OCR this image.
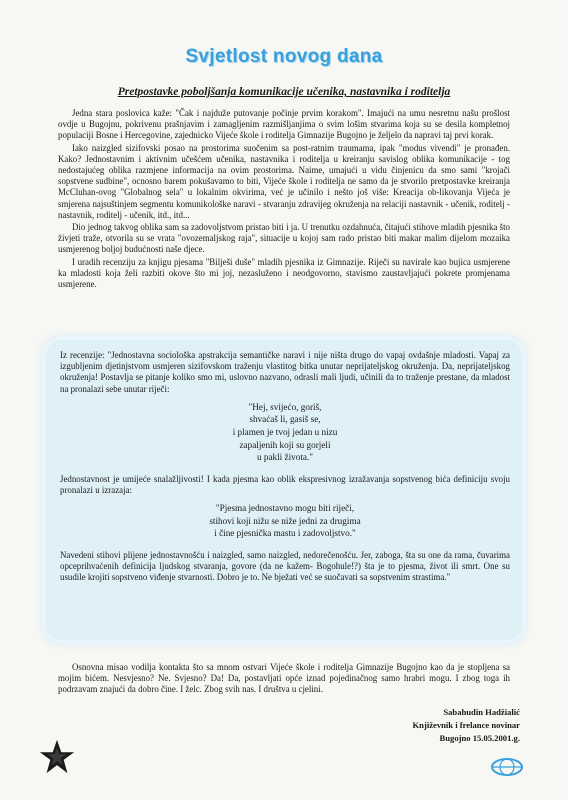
Svjetlost novog dana
Pretpostavke poboljšanja komunikacije učenika, nastavnika i roditelja

Jedna stara poslovica kaže: "Čak i najduže putovanje počinje prvim korakom". Imajući na umu nesretnu našu prošlost ovdje u Bugojnu, pokrivenu prašnjavim i zamagljenim razmišljanjima o svim lošim stvarima koja su se desila kompletnoj populaciji Bosne i Hercegovine, zajednicko Vijeće škole i roditelja Gimnazije Bugojno je željelo da napravi taj prvi korak.

Iako naizgled sizifovski posao na prostorima suočenim sa post-ratnim traumama, ipak "modus vivendi" je pronađen. Kako? Jednostavnim i aktivnim učešćem učenika, nastavnika i roditelja u kreiranju savislog oblika komunikacije - tog nedostajućeg oblika razmjene informacija na ovim prostorima. Naime, umajući u vidu činjenicu da smo sami "krojači sopstvene sudbine", ocnosno barem pokušavamo to biti, Vijeće škole i roditelja ne samo da je stvorilo pretpostavke kreiranja McCluhan-ovog "Globalnog sela" u lokalnim okvirima, već je učinilo i nešto još više: Kreacija ob-likovanja Vijeća je smjerena najsuštinjem segmentu komunikološke naravi - stvaranju zdravijeg okruženja na relaciji nastavnik - učenik, roditelj - nastavnik, roditelj - učenik, itd., itd...

Dio jednog takvog oblika sam sa zadovoljstvom pristao biti i ja. U trenutku ozdahnuća, čitajući stihove mladih pjesnika što živjeti traže, otvorila su se vrata "ovozemaljskog raja", situacije u kojoj sam rado pristao biti makar malim dijelom mozaika usmjerenog boljoj budućnosti naše djece.

I uradih recenziju za knjigu pjesama "Bilješi duše" mladih pjesnika iz Gimnazije. Riječi su navirale kao bujica usmjerene ka mladosti koja želi razbiti okove što mi joj, nezasluženo i neodgovorno, stavismo zaustavljajući pokrete promjenama usmjerene.

Iz recenzije: "Jednostavna sociološka apstrakcija semantičke naravi i nije ništa drugo do vapaj ovdašnje mladosti. Vapaj za izgubljenim djetinjstvom usmjeren sizifovskom traženju vlastitog bitka unutar neprijateljskog okruženja. Da, neprijateljskog okruženja! Postavlja se pitanje koliko smo mi, uslovno nazvano, odrasli mali ljudi, učinili da to traženje prestane, da mladost na pronalazi sebe unutar riječi:

"Hej, svijećo, goriš,
shvaćaš li, gasiš se,
i plamen je tvoj jedan u nizu
zapaljenih koji su gorjeli
u pakli života."

Jednostavnost je umijeće snalažljivosti! I kada pjesma kao oblik ekspresivnog izražavanja sopstvenog bića definiciju svoju pronalazi u izrazaja:

"Pjesma jednostavno mogu biti riječi,
stihovi koji nižu se niže jedni za drugima
i čine pjesnička mastu i zadovoljstvo."

Navedeni stihovi plijene jednostavnošću i naizgled, samo naizgled, nedorečenošću. Jer, zaboga, šta su one da rama, čuvarima opceprihvaćenih definicija ljudskog stvaranja, govore (da ne kažem- Bogohule!?) šta je to pjesma, život ili smrt. One su usudile krojiti sopstveno viđenje stvarnosti. Dobro je to. Ne bježati već se suočavati sa sopstvenim strastima."

Osnovna misao vodilja kontakta što sa mnom ostvari Vijeće škole i roditelja Gimnazije Bugojno kao da je stopljena sa mojim bićem. Nesvjesno? Ne. Svjesno? Da! Da, postavljati opće iznad pojedinačnog samo hrabri mogu. I zbog toga ih podrzavam znajući da dobro čine. I želc. Zbog svih nas. I društva u cjelini.

Sabahudin Hadžialić
Književnik i frelance novinar
Bugojno 15.05.2001.g.
